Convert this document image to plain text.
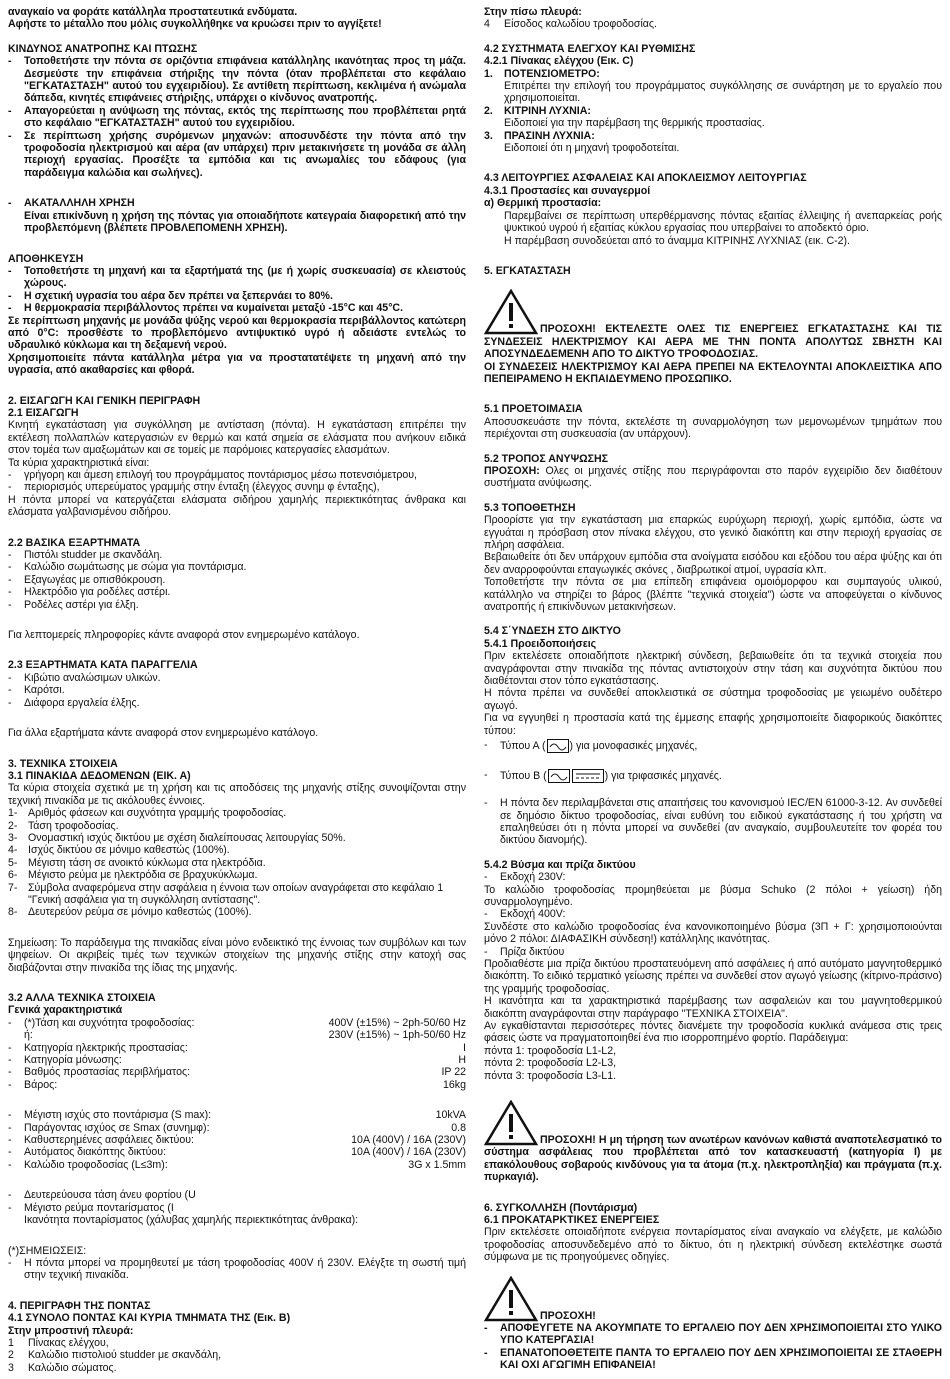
αναγκαίο να φοράτε κατάλληλα προστατευτικά ενδύματα.

Αφήστε το μέταλλο που μόλις συγκολλήθηκε να κρυώσει πριν το αγγίξετε!

ΚΙΝΔΥΝΟΣ ΑΝΑΤΡΟΠΗΣ ΚΑΙ ΠΤΩΣΗΣ

-	Τοποθετήστε την πόντα σε οριζόντια επιφάνεια κατάλληλης ικανότητας προς τη μάζα. Δεσμεύστε την επιφάνεια στήριξης την πόντα (όταν προβλέπεται στο κεφάλαιο "ΕΓΚΑΤΑΣΤΑΣΗ" αυτού του εγχειριδίου). Σε αντίθετη περίπτωση, κεκλιμένα ή ανώμαλα δάπεδα, κινητές επιφάνειες στήριξης, υπάρχει ο κίνδυνος ανατροπής.
-	Απαγορεύεται η ανύψωση της πόντας, εκτός της περίπτωσης που προβλέπεται ρητά στο κεφάλαιο "ΕΓΚΑΤΑΣΤΑΣΗ" αυτού του εγχειριδίου.
-	Σε περίπτωση χρήσης συρόμενων μηχανών: αποσυνδέστε την πόντα από την τροφοδοσία ηλεκτρισμού και αέρα (αν υπάρχει) πριν μετακινήσετε τη μονάδα σε άλλη περιοχή εργασίας. Προσέξτε τα εμπόδια και τις ανωμαλίες του εδάφους (για παράδειγμα καλώδια και σωλήνες).
-	ΑΚΑΤΑΛΛΗΛΗ ΧΡΗΣΗ

Είναι επικίνδυνη η χρήση της πόντας για οποιαδήποτε κατεγραία διαφορετική από την προβλεπόμενη (βλέπετε ΠΡΟΒΛΕΠΟΜΕΝΗ ΧΡΗΣΗ).

ΑΠΟΘΗΚΕΥΣΗ

-	Τοποθετήστε τη μηχανή και τα εξαρτήματά της (με ή χωρίς συσκευασία) σε κλειστούς χώρους.
-	Η σχετική υγρασία του αέρα δεν πρέπει να ξεπερνάει το 80%.
-	Η θερμοκρασία περιβάλλοντος πρέπει να κυμαίνεται μεταξύ -15°C και 45°C.

Σε περίπτωση μηχανής με μονάδα ψύξης νερού και θερμοκρασία περιβάλλοντος κατώτερη από 0°C: προσθέστε το προβλεπόμενο αντιψυκτικό υγρό ή αδειάστε εντελώς το υδραυλικό κύκλωμα και τη δεξαμενή νερού.

Χρησιμοποιείτε πάντα κατάλληλα μέτρα για να προστατατέψετε τη μηχανή από την υγρασία, από ακαθαρσίες και φθορά.

2. ΕΙΣΑΓΩΓΗ ΚΑΙ ΓΕΝΙΚΗ ΠΕΡΙΓΡΑΦΗ

2.1 ΕΙΣΑΓΩΓΗ

Κινητή εγκατάσταση για συγκόλληση με αντίσταση (πόντα). Η εγκατάσταση επιτρέπει την εκτέλεση πολλαπλών κατεργασιών εν θερμώ και κατά σημεία σε ελάσματα που ανήκουν ειδικά στον τομέα των αμαξωμάτων και σε τομείς με παρόμοιες κατεργασίες ελασμάτων.

Τα κύρια χαρακτηριστικά είναι:

-	γρήγορη και άμεση επιλογή του προγράμματος ποντάρισμος μέσω ποτενσιόμετρου,
-	περιορισμός υπερεύματος γραμμής στην ένταξη (έλεγχος συνημ φ ένταξης),

Η πόντα μπορεί να κατεργάζεται ελάσματα σιδήρου χαμηλής περιεκτικότητας άνθρακα και ελάσματα γαλβανισμένου σιδήρου.

2.2 ΒΑΣΙΚΑ ΕΞΑΡΤΗΜΑΤΑ

-	Πιστόλι studder με σκανδάλη.
-	Καλώδιο σωμάτωσης με σώμα για ποντάρισμα.
-	Εξαγωγέας με οπισθόκρουση.
-	Ηλεκτρόδιο για ροδέλες αστέρι.
-	Ροδέλες αστέρι για έλξη.

Για λεπτομερείς πληροφορίες κάντε αναφορά στον ενημερωμένο κατάλογο.

2.3 ΕΞΑΡΤΗΜΑΤΑ ΚΑΤΑ ΠΑΡΑΓΓΕΛΙΑ

-	Κιβώτιο αναλώσιμων υλικών.
-	Καρότσι.
-	Διάφορα εργαλεία έλξης.

Για άλλα εξαρτήματα κάντε αναφορά στον ενημερωμένο κατάλογο.

3. ΤΕΧΝΙΚΑ ΣΤΟΙΧΕΙΑ

3.1 ΠΙΝΑΚΙΔΑ ΔΕΔΟΜΕΝΩΝ (ΕΙΚ. Α)

Τα κύρια στοιχεία σχετικά με τη χρήση και τις αποδόσεις της μηχανής στίξης συνοψίζονται στην τεχνική πινακίδα με τις ακόλουθες έννοιες.

1- Αριθμός φάσεων και συχνότητα γραμμής τροφοδοσίας.
2- Τάση τροφοδοσίας.
3- Ονομαστική ισχύς δικτύου με σχέση διαλείπουσας λειτουργίας 50%.
4- Ισχύς δικτύου σε μόνιμο καθεστώς (100%).
5- Μέγιστη τάση σε ανοικτό κύκλωμα στα ηλεκτρόδια.
6- Μέγιστο ρεύμα με ηλεκτρόδια σε βραχυκύκλωμα.
7- Σύμβολα αναφερόμενα στην ασφάλεια η έννοια των οποίων αναγράφεται στο κεφάλαιο 1 "Γενική ασφάλεια για τη συγκόλληση αντίστασης".
8- Δευτερεύον ρεύμα σε μόνιμο καθεστώς (100%).

Σημείωση: Το παράδειγμα της πινακίδας είναι μόνο ενδεικτικό της έννοιας των συμβόλων και των ψηφείων. Οι ακριβείς τιμές των τεχνικών στοιχείων της μηχανής στίξης στην κατοχή σας διαβάζονται στην πινακίδα της ίδιας της μηχανής.

3.2 ΑΛΛΑ ΤΕΧΝΙΚΑ ΣΤΟΙΧΕΙΑ

Γενικά χαρακτηριστικά

-	(*)Τάση και συχνότητα τροφοδοσίας:	400V (±15%) ~ 2ph-50/60 Hz
ή:	230V (±15%) ~ 1ph-50/60 Hz
-	Κατηγορία ηλεκτρικής προστασίας:	I
-	Κατηγορία μόνωσης:	H
-	Βαθμός προστασίας περιβλήματος:	IP 22
-	Βάρος:	16kg
-	Μέγιστη ισχύς στο ποντάρισμα (S max):	10kVA
-	Παράγοντας ισχύος σε Smax (συνημφ):	0.8
-	Καθυστερημένες ασφάλειες δικτύου:	10A (400V) / 16A (230V)
-	Αυτόματος διακόπτης δικτύου:	10A (400V) / 16A (230V)
-	Καλώδιο τροφοδοσίας (L≤3m):	3G x 1.5mm
-	Δευτερεύουσα τάση άνευ φορτίου (U
-	Μέγιστο ρεύμα ποντarίσματος (I
Ικανότητα ποντaρίσματος (χάλυβας χαμηλής περιεκτικότητας άνθρακα):

(*)ΣΗΜΕΙΩΣΕΙΣ:

-	Η πόντα μπορεί να προμηθευτεί με τάση τροφοδοσίας 400V ή 230V. Ελέγξτε τη σωστή τιμή στην τεχνική πινακίδα.

4. ΠΕΡΙΓΡΑΦΗ ΤΗΣ ΠΟΝΤΑΣ

4.1 ΣΥΝΟΛΟ ΠΟΝΤΑΣ ΚΑΙ ΚΥΡΙΑ ΤΜΗΜΑΤΑ ΤΗΣ (Εικ. Β)

Στην μπροστινή πλευρά:

1	Πίνακας ελέγχου,
2	Καλώδιο πιστολιού studder με σκανδάλη,
3	Καλώδιο σώματος.

Στην πίσω πλευρά:

4	Είσοδος καλωδίου τροφοδοσίας.

4.2 ΣΥΣΤΗΜΑΤΑ ΕΛΕΓΧΟΥ ΚΑΙ ΡΥΘΜΙΣΗΣ

4.2.1 Πίνακας ελέγχου (Εικ. C)

1.	ΠΟΤΕΝΣΙΟΜΕΤΡΟ:

Επιτρέπει την επιλογή του προγράμματος συγκόλλησης σε συνάρτηση με το εργαλείο που χρησιμοποιείται.

2.	ΚΙΤΡΙΝΗ ΛΥΧΝΙΑ:

Ειδοποιεί για την παρέμβαση της θερμικής προστασίας.

3.	ΠΡΑΣΙΝΗ ΛΥΧΝΙΑ:

Ειδοποιεί ότι η μηχανή τροφοδοτείται.

4.3 ΛΕΙΤΟΥΡΓΙΕΣ ΑΣΦΑΛΕΙΑΣ ΚΑΙ ΑΠΟΚΛΕΙΣΜΟΥ ΛΕΙΤΟΥΡΓΙΑΣ

4.3.1 Προστασίες και συναγερμοί

α) Θερμική προστασία:

Παρεμβαίνει σε περίπτωση υπερθέρμανσης πόντας εξαιτίας έλλειψης ή ανεπαρκείας ροής ψυκτικού υγρού ή εξαιτίας κύκλου εργασίας που υπερβαίνει το αποδεκτό όριο.

Η παρέμβαση συνοδεύεται από το άναμμα ΚΙΤΡΙΝΗΣ ΛΥΧΝΙΑΣ (εικ. C-2).

5. ΕΓΚΑΤΑΣΤΑΣΗ

ΠΡΟΣΟΧΗ! ΕΚΤΕΛΕΣΤΕ ΟΛΕΣ ΤΙΣ ΕΝΕΡΓΕΙΕΣ ΕΓΚΑΤΑΣΤΑΣΗΣ ΚΑΙ ΤΙΣ ΣΥΝΔΕΣΕΙΣ ΗΛΕΚΤΡΙΣΜΟΥ ΚΑΙ ΑΕΡΑ ΜΕ ΤΗΝ ΠΟΝΤΑ ΑΠΟΛΥΤΩΣ ΣΒΗΣΤΗ ΚΑΙ ΑΠΟΣΥΝΔΕΔΕΜΕΝΗ ΑΠΟ ΤΟ ΔΙΚΤΥΟ ΤΡΟΦΟΔΟΣΙΑΣ.

ΟΙ ΣΥΝΔΕΣΕΙΣ ΗΛΕΚΤΡΙΣΜΟΥ ΚΑΙ ΑΕΡΑ ΠΡΕΠΕΙ ΝΑ ΕΚΤΕΛΟΥΝΤΑΙ ΑΠΟΚΛΕΙΣΤΙΚΑ ΑΠΟ ΠΕΠΕΙΡΑΜΕΝΟ Η ΕΚΠΑΙΔΕΥΜΕΝΟ ΠΡΟΣΩΠΙΚΟ.

5.1 ΠΡΟΕΤΟΙΜΑΣΙΑ

Αποσυσκευάστε την πόντα, εκτελέστε τη συναρμολόγηση των μεμονωμένων τμημάτων που περιέχονται στη συσκευασία (αν υπάρχουν).

5.2 ΤΡΟΠΟΣ ΑΝΥΨΩΣΗΣ

ΠΡΟΣΟΧΗ: Ολες οι μηχανές στίξης που περιγράφονται στο παρόν εγχειρίδιο δεν διαθέτουν συστήματα ανύψωσης.

5.3 ΤΟΠΟΘΕΤΗΣΗ

Προορίστε για την εγκατάσταση μια επαρκώς ευρύχωρη περιοχή, χωρίς εμπόδια, ώστε να εγγυάται η πρόσβαση στον πίνακα ελέγχου, στο γενικό διακόπτη και στην περιοχή εργασίας σε πλήρη ασφάλεια.

Βεβαιωθείτε ότι δεν υπάρχουν εμπόδια στα ανοίγματα εισόδου και εξόδου του αέρα ψύξης και ότι δεν αναρροφούνται επαγωγικές σκόνες , διαβρωτικοί ατμοί, υγρασία κλπ.

Τοποθετήστε την πόντα σε μια επίπεδη επιφάνεια ομοιόμορφου και συμπαγούς υλικού, κατάλληλο να στηρίζει το βάρος (βλέπτε "τεχνικά στοιχεία") ώστε να αποφεύγεται ο κίνδυνος ανατροπής ή επικίνδυνων μετακινήσεων.

5.4 Σ΄ΥΝΔΕΣΗ ΣΤΟ ΔΙΚΤΥΟ

5.4.1 Προειδοποιήσεις

Πριν εκτελέσετε οποιαδήποτε ηλεκτρική σύνδεση, βεβαιωθείτε ότι τα τεχνικά στοιχεία που αναγράφονται στην πινακίδα της πόντας αντιστοιχούν στην τάση και συχνότητα δικτύου που διαθέτονται στον τόπο εγκατάστασης.

Η πόντα πρέπει να συνδεθεί αποκλειστικά σε σύστημα τροφοδοσίας με γειωμένο ουδέτερο αγωγό.

Για να εγγυηθεί η προστασία κατά της έμμεσης επαφής χρησιμοποιείτε διαφορικούς διακόπτες τύπου:

-	Τύπου Α ( ) για μονοφασικές μηχανές,
-	Τύπου Β (	) για τριφασικές μηχανές.
-	Η πόντα δεν περιλαμβάνεται στις απαιτήσεις του κανονισμού IEC/EN 61000-3-12. Αν συνδεθεί σε δημόσιο δίκτυο τροφοδοσίας, είναι ευθύνη του ειδικού εγκατάστασης ή του χρήστη να επαληθεύσει ότι η πόντα μπορεί να συνδεθεί (αν αναγκαίο, συμβουλευτείτε τον φορέα του δικτύου διανομής).

5.4.2 Βύσμα και πρίζα δικτύου

-	Εκδοχή 230V:

Το καλώδιο τροφοδοσίας προμηθεύεται με βύσμα Schuko (2 πόλοι + γείωση) ήδη συναρμολογημένο.

-	Εκδοχή 400V:

Συνδέστε στο καλώδιο τροφοδοσίας ένα κανονικοποιημένο βύσμα (3Π + Γ: χρησιμοποιούνται μόνο 2 πόλοι: ΔΙΑΦΑΣΙΚΗ σύνδεση!) κατάλληλης ικανότητας.

-	Πρίζα δικτύου

Προδιαθέστε μια πρίζα δικτύου προστατευόμενη από ασφάλειες ή από αυτόματο μαγνητοθερμικό διακόπτη. Το ειδικό τερματικό γείωσης πρέπει να συνδεθεί στον αγωγό γείωσης (κίτρινο-πράσινο) της γραμμής τροφοδοσίας.

Η ικανότητα και τα χαρακτηριστικά παρέμβασης των ασφαλειών και του μαγνητοθερμικού διακόπτη αναγράφονται στην παράγραφο "ΤΕΧΝΙΚΑ ΣΤΟΙΧΕΙΑ".

Αν εγκαθίστανται περισσότερες πόντες διανέμετε την τροφοδοσία κυκλικά ανάμεσα στις τρεις φάσεις ώστε να πραγματοποιηθεί ένα πιο ισορροπημένο φορτίο. Παράδειγμα:

πόντα 1: τροφοδοσία L1-L2,

πόντα 2: τροφοδοσία L2-L3,

πόντα 3: τροφοδοσία L3-L1.

ΠΡΟΣΟΧΗ! Η μη τήρηση των ανωτέρων κανόνων καθιστά αναποτελεσματικό το σύστημα ασφάλειας που προβλέπεται από τον κατασκευαστή (κατηγορία I) με επακόλουθους σοβαρούς κινδύνους για τα άτομα (π.χ. ηλεκτροπληξία) και πράγματα (π.χ. πυρκαγιά).

6. ΣΥΓΚΟΛΛΗΣΗ (Ποντάρισμα)

6.1 ΠΡΟΚΑΤΑΡΚΤΙΚΕΣ ΕΝΕΡΓΕΙΕΣ

Πριν εκτελέσετε οποιαδήποτε ενέργεια ποντaρίσματος είναι αναγκαίο να ελέγξετε, με καλώδιο τροφοδοσίας αποσυνδεδεμένο από το δίκτυο, ότι η ηλεκτρική σύνδεση εκτελέστηκε σωστά σύμφωνα με τις προηγούμενες οδηγίες.

ΠΡΟΣΟΧΗ!
-	ΑΠΟΦΕΥΓΕΤΕ ΝΑ ΑΚΟΥΜΠΑΤΕ ΤΟ ΕΡΓΑΛΕΙΟ ΠΟΥ ΔΕΝ ΧΡΗΣΙΜΟΠΟΙΕΙΤΑΙ ΣΤΟ ΥΛΙΚΟ ΥΠΟ ΚΑΤΕΡΓΑΣΙΑ!
-	ΕΠΑΝΑΤΟΠΟΘΕΤΕΙΤΕ ΠΑΝΤΑ ΤΟ ΕΡΓΑΛΕΙΟ ΠΟΥ ΔΕΝ ΧΡΗΣΙΜΟΠΟΙΕΙΤΑΙ ΣΕ ΣΤΑΘΕΡΗ ΚΑΙ ΟΧΙ ΑΓΩΓΙΜΗ ΕΠΙΦΑΝΕΙΑ!
